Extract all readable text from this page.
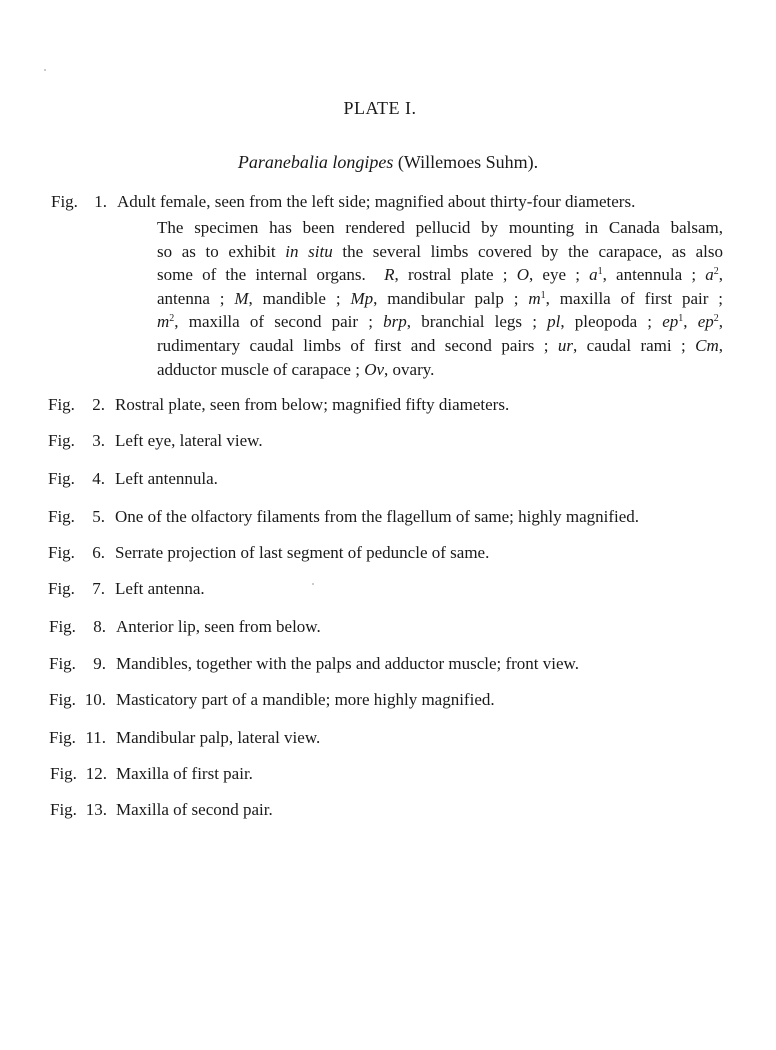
PLATE I.
Paranebalia longipes (Willemoes Suhm).
Fig. 1. Adult female, seen from the left side; magnified about thirty-four diameters.
The specimen has been rendered pellucid by mounting in Canada balsam,
so as to exhibit in situ the several limbs covered by the carapace, as also
some of the internal organs.  R, rostral plate ; O, eye ; $a^1$, antennula ; $a^2$,
antenna ; M, mandible ; Mp, mandibular palp ; $m^1$, maxilla of first pair ;
$m^2$, maxilla of second pair ; brp, branchial legs ; pl, pleopoda ; $ep^1$, $ep^2$,
rudimentary caudal limbs of first and second pairs ; ur, caudal rami ; Cm,
adductor muscle of carapace ; Ov, ovary.
Fig.	2. Rostral plate, seen from below; magnified fifty diameters.
Fig.	3. Left eye, lateral view.
Fig.	4. Left antennula.
Fig.	5. One of the olfactory filaments from the flagellum of same; highly magnified.
Fig.	6. Serrate projection of last segment of peduncle of same.
Fig.	7. Left antenna.
Fig.	8. Anterior lip, seen from below.
Fig.	9. Mandibles, together with the palps and adductor muscle; front view.
Fig. 10. Masticatory part of a mandible; more highly magnified.
Fig. 11. Mandibular palp, lateral view.
Fig. 12. Maxilla of first pair.
Fig. 13. Maxilla of second pair.
